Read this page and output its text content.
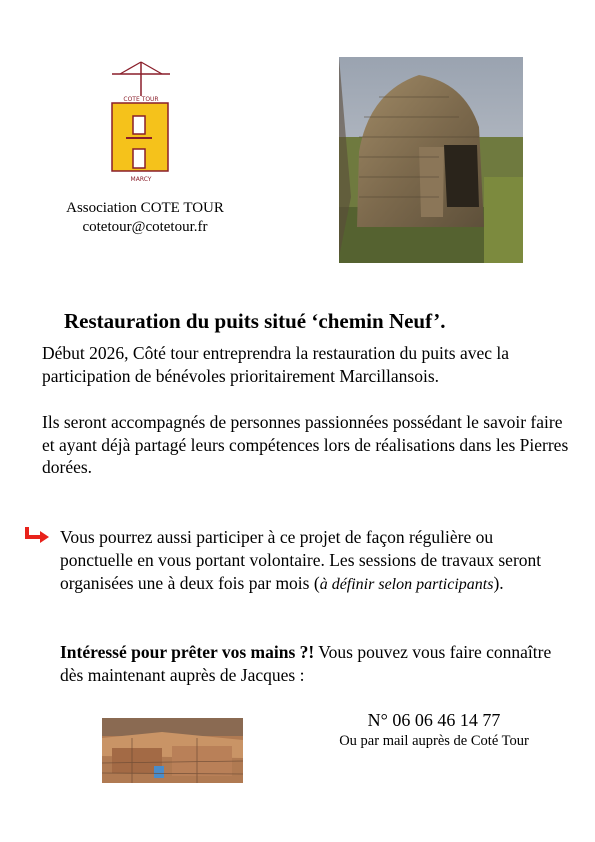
COTE TOUR
MARCY
Association COTE TOUR
cotetour@cotetour.fr
Restauration du puits situé ‘chemin Neuf’.
Début 2026, Côté tour entreprendra la restauration du puits avec la participation de bénévoles prioritairement Marcillansois.
Ils seront accompagnés de personnes passionnées possédant le savoir faire et ayant déjà partagé leurs compétences lors de réalisations dans les Pierres dorées.
Vous pourrez aussi participer à ce projet de façon régulière ou ponctuelle en vous portant volontaire. Les sessions de travaux seront organisées une à deux fois par mois (à définir selon participants).
Intéressé pour prêter vos mains ?! Vous pouvez vous faire connaître dès maintenant auprès de Jacques :
N° 06 06 46 14 77
Ou par mail auprès de Coté Tour
